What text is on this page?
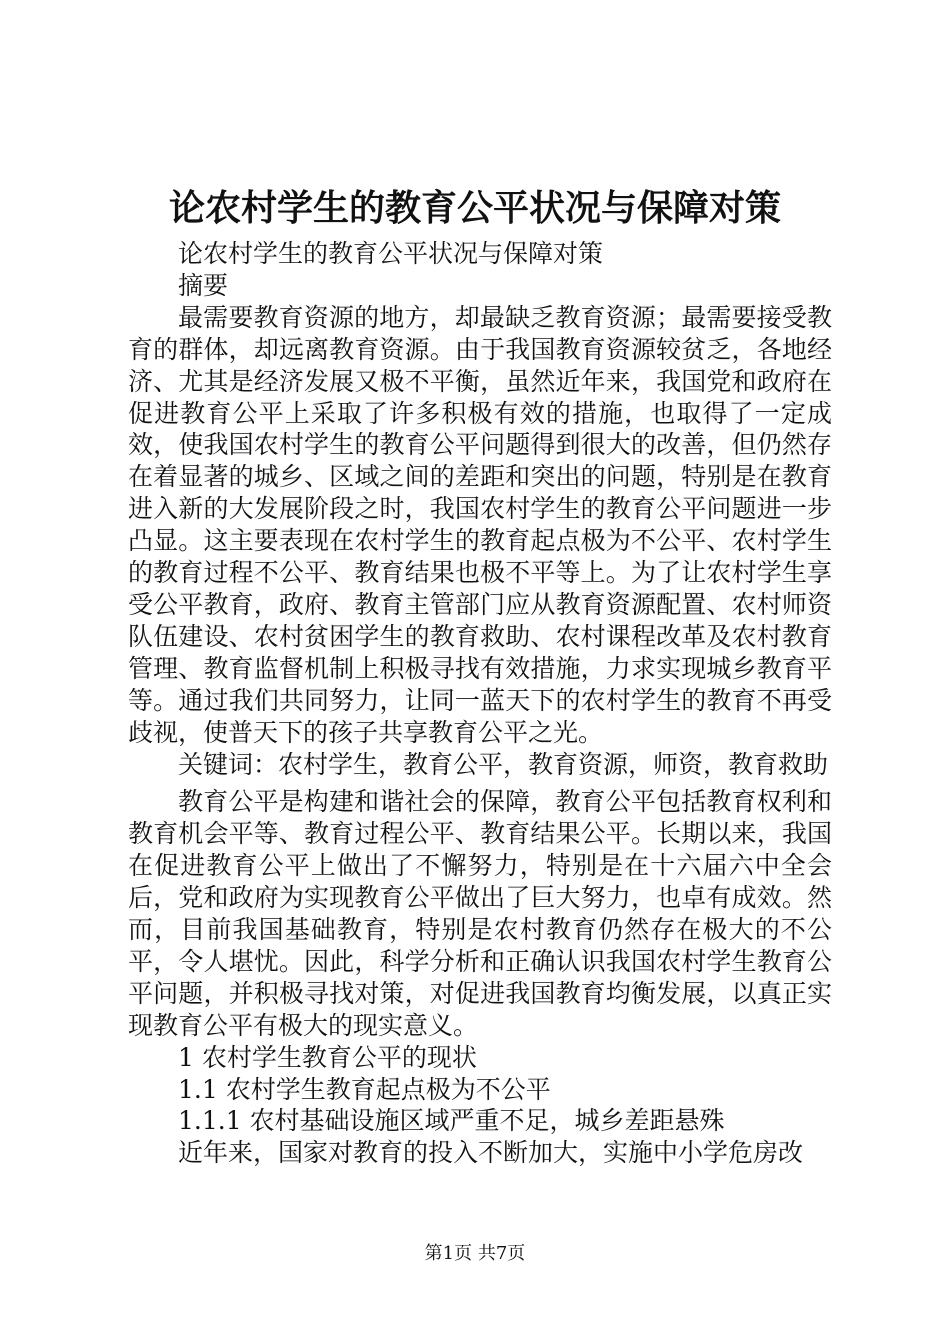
论农村学生的教育公平状况与保障对策

论农村学生的教育公平状况与保障对策

摘要

最需要教育资源的地方，却最缺乏教育资源；最需要接受教育的群体，却远离教育资源。由于我国教育资源较贫乏，各地经济、尤其是经济发展又极不平衡，虽然近年来，我国党和政府在促进教育公平上采取了许多积极有效的措施，也取得了一定成效，使我国农村学生的教育公平问题得到很大的改善，但仍然存在着显著的城乡、区域之间的差距和突出的问题，特别是在教育进入新的大发展阶段之时，我国农村学生的教育公平问题进一步凸显。这主要表现在农村学生的教育起点极为不公平、农村学生的教育过程不公平、教育结果也极不平等上。为了让农村学生享受公平教育，政府、教育主管部门应从教育资源配置、农村师资队伍建设、农村贫困学生的教育救助、农村课程改革及农村教育管理、教育监督机制上积极寻找有效措施，力求实现城乡教育平等。通过我们共同努力，让同一蓝天下的农村学生的教育不再受歧视，使普天下的孩子共享教育公平之光。

关键词：农村学生，教育公平，教育资源，师资，教育救助

教育公平是构建和谐社会的保障，教育公平包括教育权利和教育机会平等、教育过程公平、教育结果公平。长期以来，我国在促进教育公平上做出了不懈努力，特别是在十六届六中全会后，党和政府为实现教育公平做出了巨大努力，也卓有成效。然而，目前我国基础教育，特别是农村教育仍然存在极大的不公平，令人堪忧。因此，科学分析和正确认识我国农村学生教育公平问题，并积极寻找对策，对促进我国教育均衡发展，以真正实现教育公平有极大的现实意义。

1 农村学生教育公平的现状

1.1 农村学生教育起点极为不公平

1.1.1 农村基础设施区域严重不足，城乡差距悬殊

近年来，国家对教育的投入不断加大，实施中小学危房改

第1页 共7页
